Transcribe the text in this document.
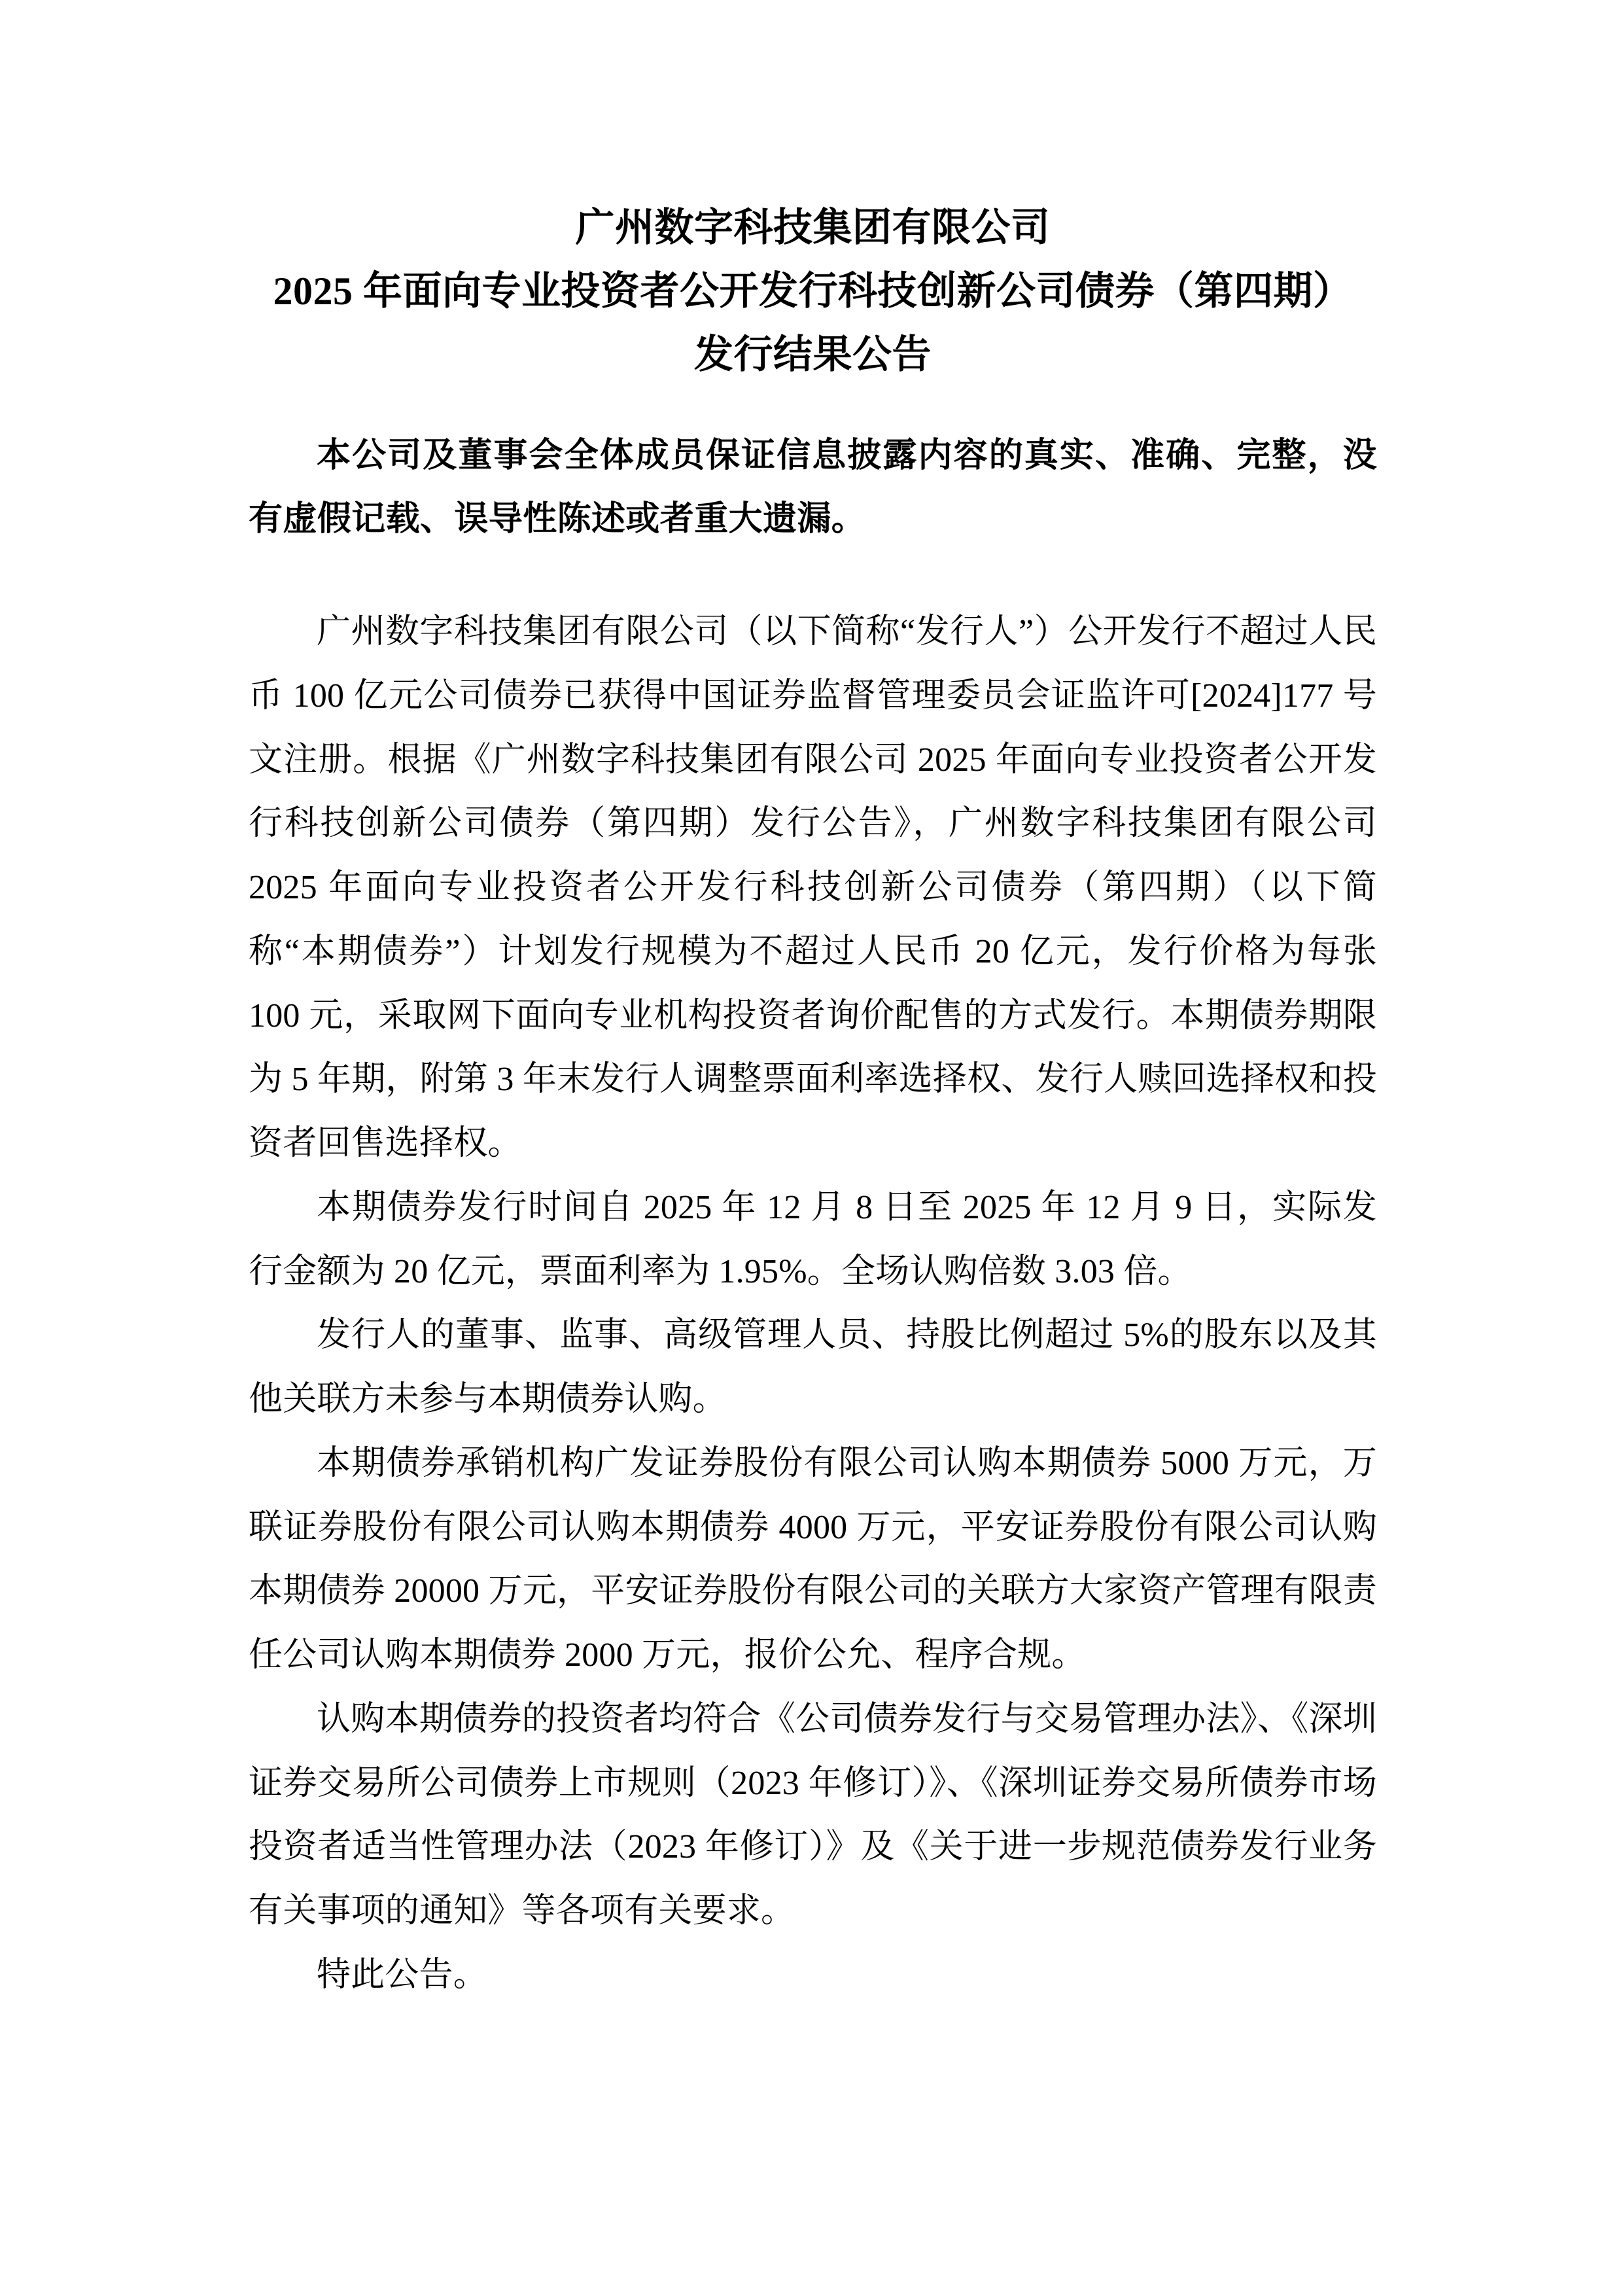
广州数字科技集团有限公司
2025 年面向专业投资者公开发行科技创新公司债券（第四期）
发行结果公告
本公司及董事会全体成员保证信息披露内容的真实、准确、完整，没有虚假记载、误导性陈述或者重大遗漏。

广州数字科技集团有限公司（以下简称“发行人”）公开发行不超过人民币 100 亿元公司债券已获得中国证券监督管理委员会证监许可[2024]177 号文注册。根据《广州数字科技集团有限公司 2025 年面向专业投资者公开发行科技创新公司债券（第四期）发行公告》，广州数字科技集团有限公司 2025 年面向专业投资者公开发行科技创新公司债券（第四期）（以下简称“本期债券”）计划发行规模为不超过人民币 20 亿元，发行价格为每张 100 元，采取网下面向专业机构投资者询价配售的方式发行。本期债券期限为 5 年期，附第 3 年末发行人调整票面利率选择权、发行人赎回选择权和投资者回售选择权。

本期债券发行时间自 2025 年 12 月 8 日至 2025 年 12 月 9 日，实际发行金额为 20 亿元，票面利率为 1.95%。全场认购倍数 3.03 倍。

发行人的董事、监事、高级管理人员、持股比例超过 5%的股东以及其他关联方未参与本期债券认购。

本期债券承销机构广发证券股份有限公司认购本期债券 5000 万元，万联证券股份有限公司认购本期债券 4000 万元，平安证券股份有限公司认购本期债券 20000 万元，平安证券股份有限公司的关联方大家资产管理有限责任公司认购本期债券 2000 万元，报价公允、程序合规。

认购本期债券的投资者均符合《公司债券发行与交易管理办法》、《深圳证券交易所公司债券上市规则（2023 年修订）》、《深圳证券交易所债券市场投资者适当性管理办法（2023 年修订）》及《关于进一步规范债券发行业务有关事项的通知》等各项有关要求。

特此公告。
